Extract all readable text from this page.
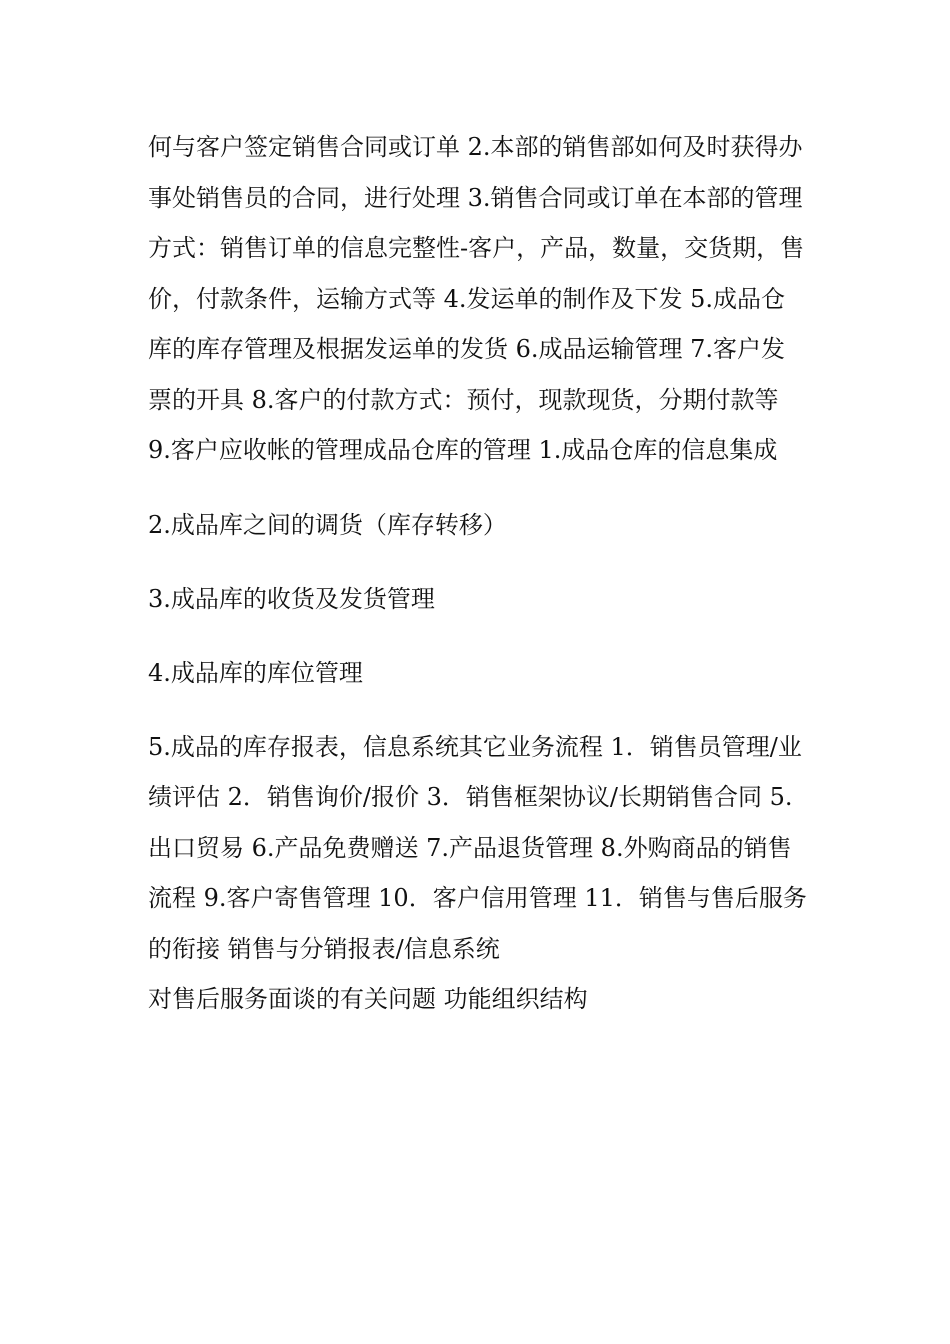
何与客户签定销售合同或订单 2.本部的销售部如何及时获得办事处销售员的合同，进行处理 3.销售合同或订单在本部的管理方式：销售订单的信息完整性-客户，产品，数量，交货期，售价，付款条件，运输方式等 4.发运单的制作及下发 5.成品仓库的库存管理及根据发运单的发货 6.成品运输管理 7.客户发票的开具 8.客户的付款方式：预付，现款现货，分期付款等 9.客户应收帐的管理成品仓库的管理 1.成品仓库的信息集成

2.成品库之间的调货（库存转移）

3.成品库的收货及发货管理

4.成品库的库位管理

5.成品的库存报表，信息系统其它业务流程 1．销售员管理/业绩评估 2．销售询价/报价 3．销售框架协议/长期销售合同 5.出口贸易 6.产品免费赠送 7.产品退货管理 8.外购商品的销售流程 9.客户寄售管理 10．客户信用管理 11．销售与售后服务的衔接 销售与分销报表/信息系统

对售后服务面谈的有关问题 功能组织结构
